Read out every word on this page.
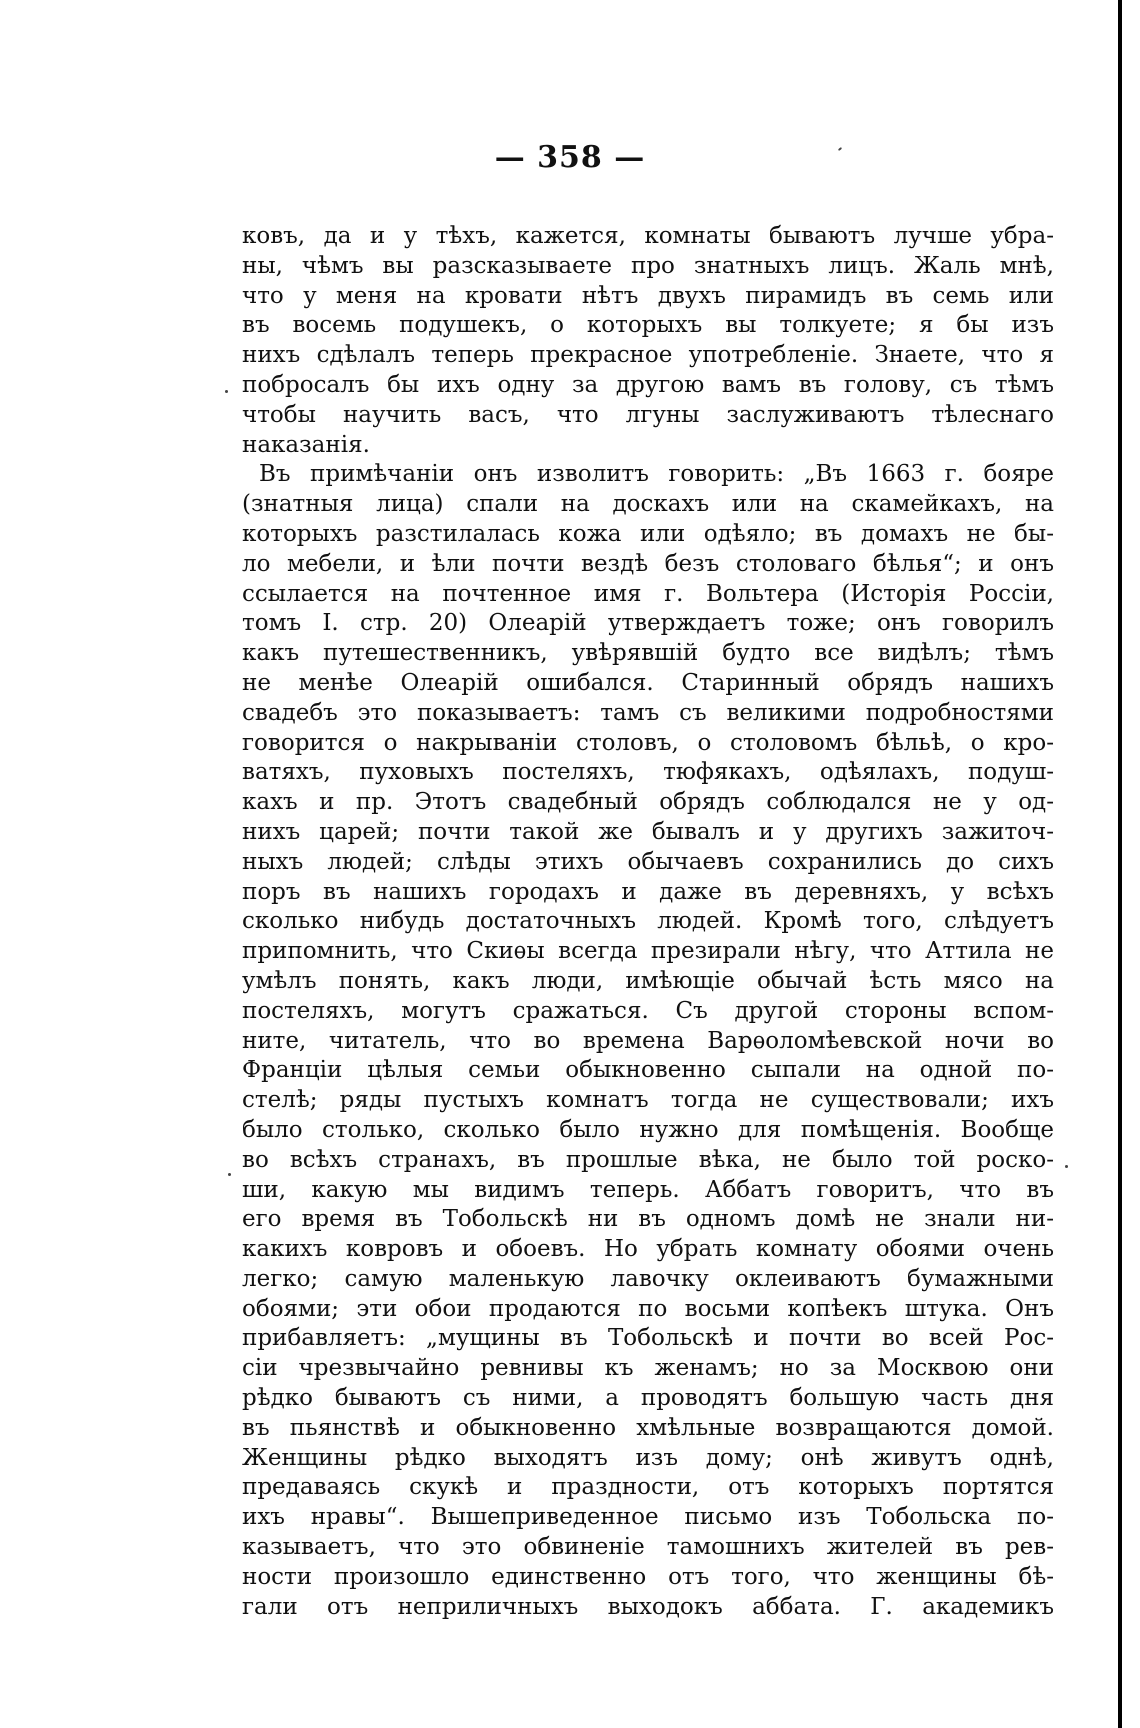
— 358 —
ковъ, да и у тѣхъ, кажется, комнаты бываютъ лучше убра-
ны, чѣмъ вы разсказываете про знатныхъ лицъ. Жаль мнѣ,
что у меня на кровати нѣтъ двухъ пирамидъ въ семь или
въ восемь подушекъ, о которыхъ вы толкуете; я бы изъ
нихъ сдѣлалъ теперь прекрасное употребленіе. Знаете, что я
побросалъ бы ихъ одну за другою вамъ въ голову, съ тѣмъ
чтобы научить васъ, что лгуны заслуживаютъ тѣлеснаго
наказанія.
Въ примѣчаніи онъ изволитъ говорить: „Въ 1663 г. бояре
(знатныя лица) спали на доскахъ или на скамейкахъ, на
которыхъ разстилалась кожа или одѣяло; въ домахъ не бы-
ло мебели, и ѣли почти вездѣ безъ столоваго бѣлья“; и онъ
ссылается на почтенное имя г. Вольтера (Исторія Россіи,
томъ I. стр. 20) Олеарій утверждаетъ тоже; онъ говорилъ
какъ путешественникъ, увѣрявшій будто все видѣлъ; тѣмъ
не менѣе Олеарій ошибался. Старинный обрядъ нашихъ
свадебъ это показываетъ: тамъ съ великими подробностями
говорится о накрываніи столовъ, о столовомъ бѣльѣ, о кро-
ватяхъ, пуховыхъ постеляхъ, тюфякахъ, одѣялахъ, подуш-
кахъ и пр. Этотъ свадебный обрядъ соблюдался не у од-
нихъ царей; почти такой же бывалъ и у другихъ зажиточ-
ныхъ людей; слѣды этихъ обычаевъ сохранились до сихъ
поръ въ нашихъ городахъ и даже въ деревняхъ, у всѣхъ
сколько нибудь достаточныхъ людей. Кромѣ того, слѣдуетъ
припомнить, что Скиѳы всегда презирали нѣгу, что Аттила не
умѣлъ понять, какъ люди, имѣющіе обычай ѣсть мясо на
постеляхъ, могутъ сражаться. Съ другой стороны вспом-
ните, читатель, что во времена Варѳоломѣевской ночи во
Франціи цѣлыя семьи обыкновенно сыпали на одной по-
стелѣ; ряды пустыхъ комнатъ тогда не существовали; ихъ
было столько, сколько было нужно для помѣщенія. Вообще
во всѣхъ странахъ, въ прошлые вѣка, не было той роско-
ши, какую мы видимъ теперь. Аббатъ говоритъ, что въ
его время въ Тобольскѣ ни въ одномъ домѣ не знали ни-
какихъ ковровъ и обоевъ. Но убрать комнату обоями очень
легко; самую маленькую лавочку оклеиваютъ бумажными
обоями; эти обои продаются по восьми копѣекъ штука. Онъ
прибавляетъ: „мущины въ Тобольскѣ и почти во всей Рос-
сіи чрезвычайно ревнивы къ женамъ; но за Москвою они
рѣдко бываютъ съ ними, а проводятъ большую часть дня
въ пьянствѣ и обыкновенно хмѣльные возвращаются домой.
Женщины рѣдко выходятъ изъ дому; онѣ живутъ однѣ,
предаваясь скукѣ и праздности, отъ которыхъ портятся
ихъ нравы“. Вышеприведенное письмо изъ Тобольска по-
казываетъ, что это обвиненіе тамошнихъ жителей въ рев-
ности произошло единственно отъ того, что женщины бѣ-
гали отъ неприличныхъ выходокъ аббата. Г. академикъ
